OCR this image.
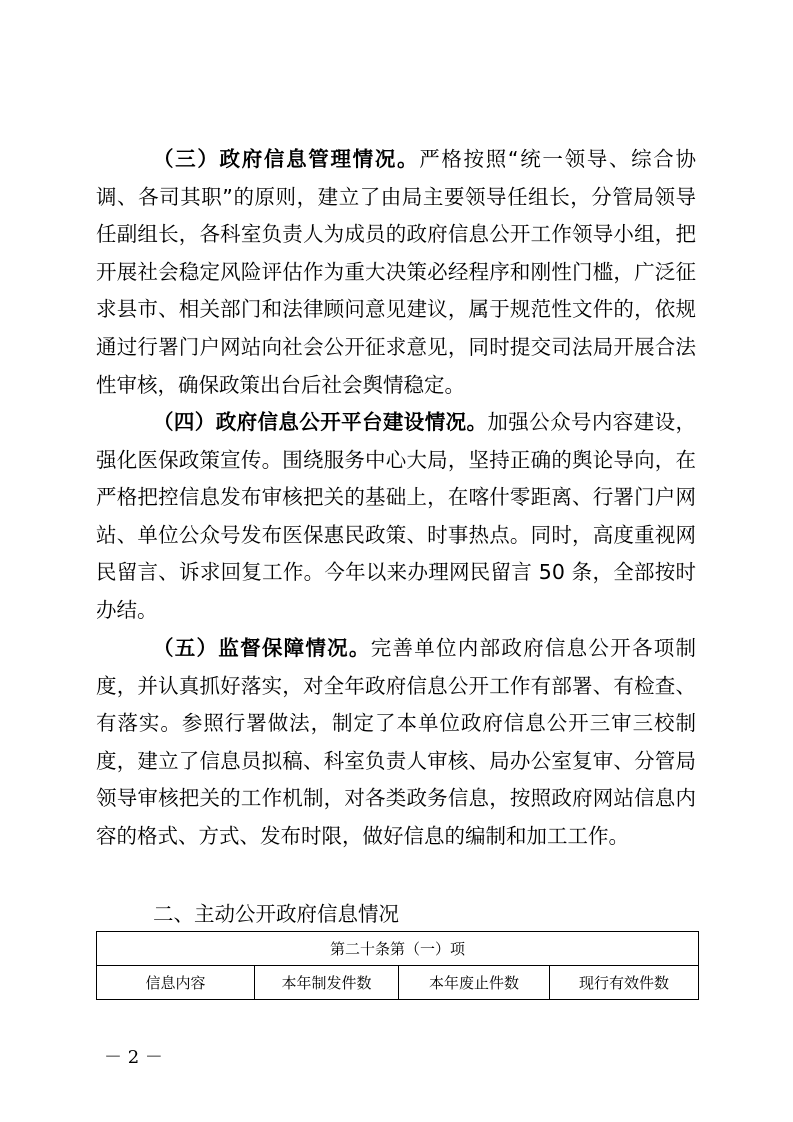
（三）政府信息管理情况。严格按照“统一领导、综合协调、各司其职”的原则，建立了由局主要领导任组长，分管局领导任副组长，各科室负责人为成员的政府信息公开工作领导小组，把开展社会稳定风险评估作为重大决策必经程序和刚性门槛，广泛征求县市、相关部门和法律顾问意见建议，属于规范性文件的，依规通过行署门户网站向社会公开征求意见，同时提交司法局开展合法性审核，确保政策出台后社会舆情稳定。

（四）政府信息公开平台建设情况。加强公众号内容建设，强化医保政策宣传。围绕服务中心大局，坚持正确的舆论导向，在严格把控信息发布审核把关的基础上，在喀什零距离、行署门户网站、单位公众号发布医保惠民政策、时事热点。同时，高度重视网民留言、诉求回复工作。今年以来办理网民留言 50 条，全部按时办结。

（五）监督保障情况。完善单位内部政府信息公开各项制度，并认真抓好落实，对全年政府信息公开工作有部署、有检查、有落实。参照行署做法，制定了本单位政府信息公开三审三校制度，建立了信息员拟稿、科室负责人审核、局办公室复审、分管局领导审核把关的工作机制，对各类政务信息，按照政府网站信息内容的格式、方式、发布时限，做好信息的编制和加工工作。

二、主动公开政府信息情况

第二十条第（一）项
信息内容	本年制发件数	本年废止件数	现行有效件数
－ 2 －
